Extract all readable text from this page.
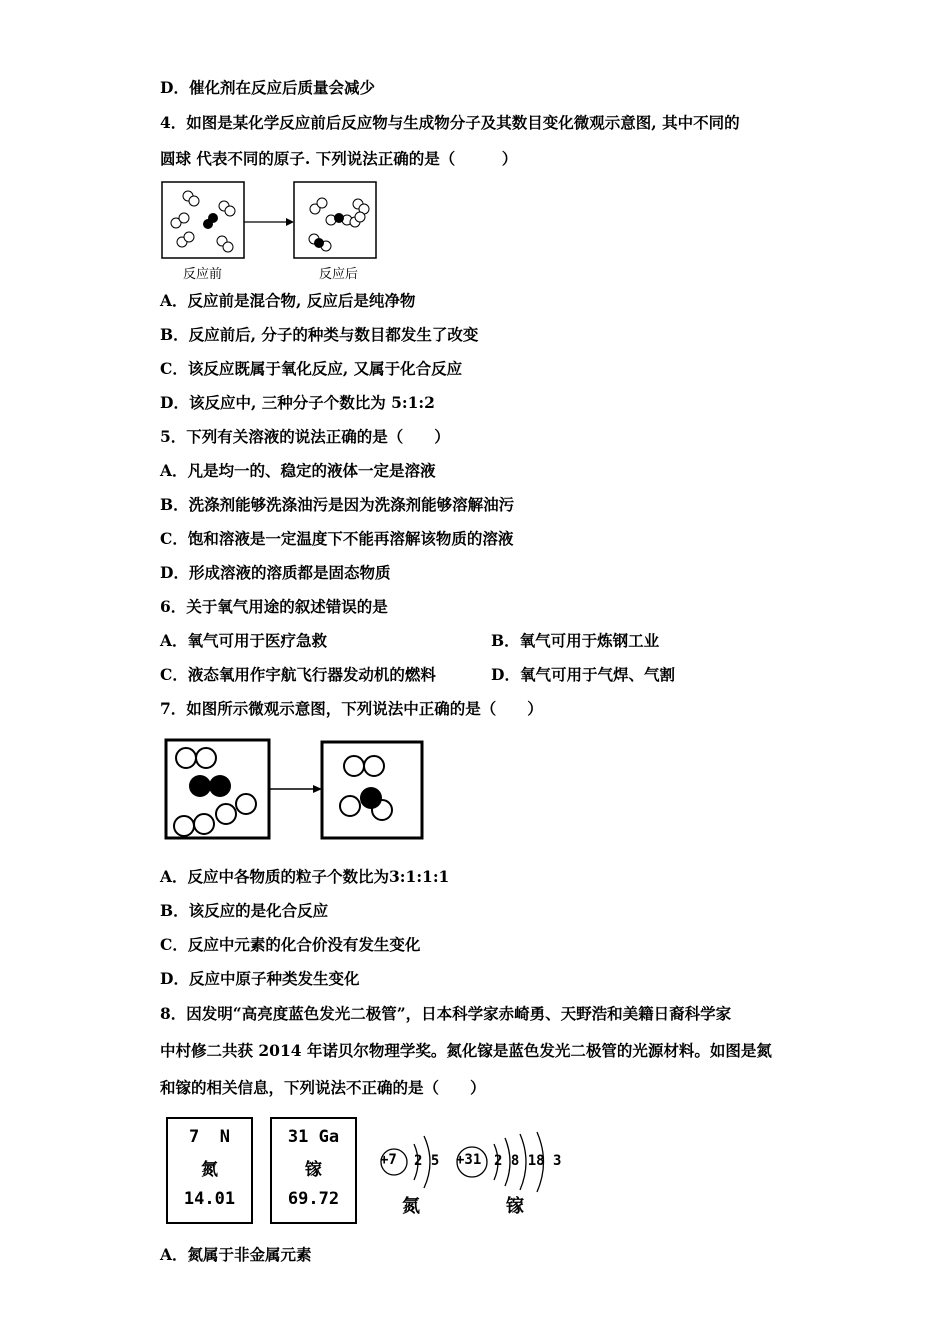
D．催化剂在反应后质量会减少
4．如图是某化学反应前后反应物与生成物分子及其数目变化微观示意图, 其中不同的
圆球 代表不同的原子. 下列说法正确的是（　　　）
反应前	反应后
A．反应前是混合物, 反应后是纯净物
B．反应前后, 分子的种类与数目都发生了改变
C．该反应既属于氧化反应, 又属于化合反应
D．该反应中, 三种分子个数比为 5:1:2
5．下列有关溶液的说法正确的是（　　）
A．凡是均一的、稳定的液体一定是溶液
B．洗涤剂能够洗涤油污是因为洗涤剂能够溶解油污
C．饱和溶液是一定温度下不能再溶解该物质的溶液
D．形成溶液的溶质都是固态物质
6．关于氧气用途的叙述错误的是
A．氧气可用于医疗急救	B．氧气可用于炼钢工业
C．液态氧用作宇航飞行器发动机的燃料	D．氧气可用于气焊、气割
7．如图所示微观示意图，下列说法中正确的是（　　）
A．反应中各物质的粒子个数比为3:1:1:1
B．该反应的是化合反应
C．反应中元素的化合价没有发生变化
D．反应中原子种类发生变化
8．因发明“高亮度蓝色发光二极管”，日本科学家赤崎勇、天野浩和美籍日裔科学家
中村修二共获 2014 年诺贝尔物理学奖。氮化镓是蓝色发光二极管的光源材料。如图是氮
和镓的相关信息，下列说法不正确的是（　　）
7 N
氮
14.01
31 Ga
镓
69.72
+7 2 5 +31 2 8 18 3
氮	镓
A．氮属于非金属元素
